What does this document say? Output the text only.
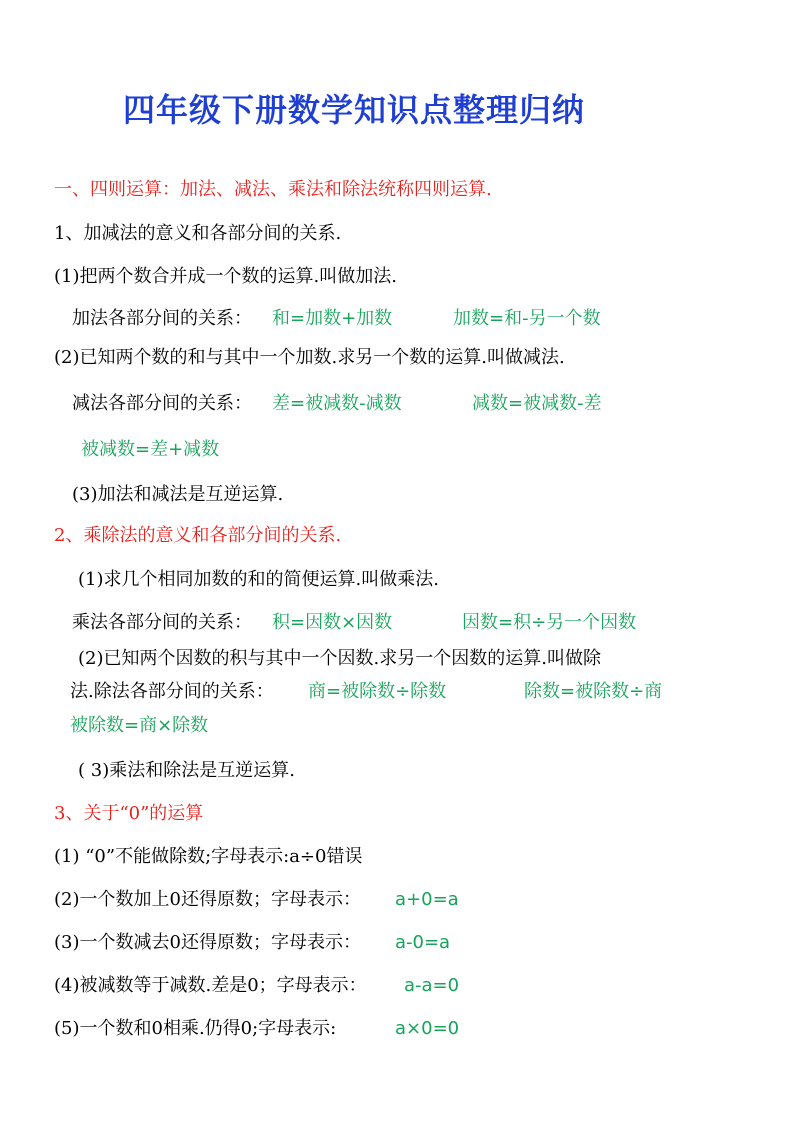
四年级下册数学知识点整理归纳
一、四则运算：加法、减法、乘法和除法统称四则运算.
1、加减法的意义和各部分间的关系.
(1)把两个数合并成一个数的运算.叫做加法.
加法各部分间的关系： 和=加数+加数	加数=和-另一个数
(2)已知两个数的和与其中一个加数.求另一个数的运算.叫做减法.
减法各部分间的关系： 差=被减数-减数	减数=被减数-差
被减数=差+减数
(3)加法和减法是互逆运算.
2、乘除法的意义和各部分间的关系.
(1)求几个相同加数的和的简便运算.叫做乘法.
乘法各部分间的关系： 积=因数×因数	因数=积÷另一个因数
(2)已知两个因数的积与其中一个因数.求另一个因数的运算.叫做除
法.除法各部分间的关系： 商=被除数÷除数	除数=被除数÷商
被除数=商×除数
( 3)乘法和除法是互逆运算.
3、关于“0”的运算
(1) “0”不能做除数;字母表示:a÷0错误
(2)一个数加上0还得原数；字母表示： a+0=a
(3)一个数减去0还得原数；字母表示： a-0=a
(4)被减数等于减数.差是0；字母表示： a-a=0
(5)一个数和0相乘.仍得0;字母表示:	a×0=0
